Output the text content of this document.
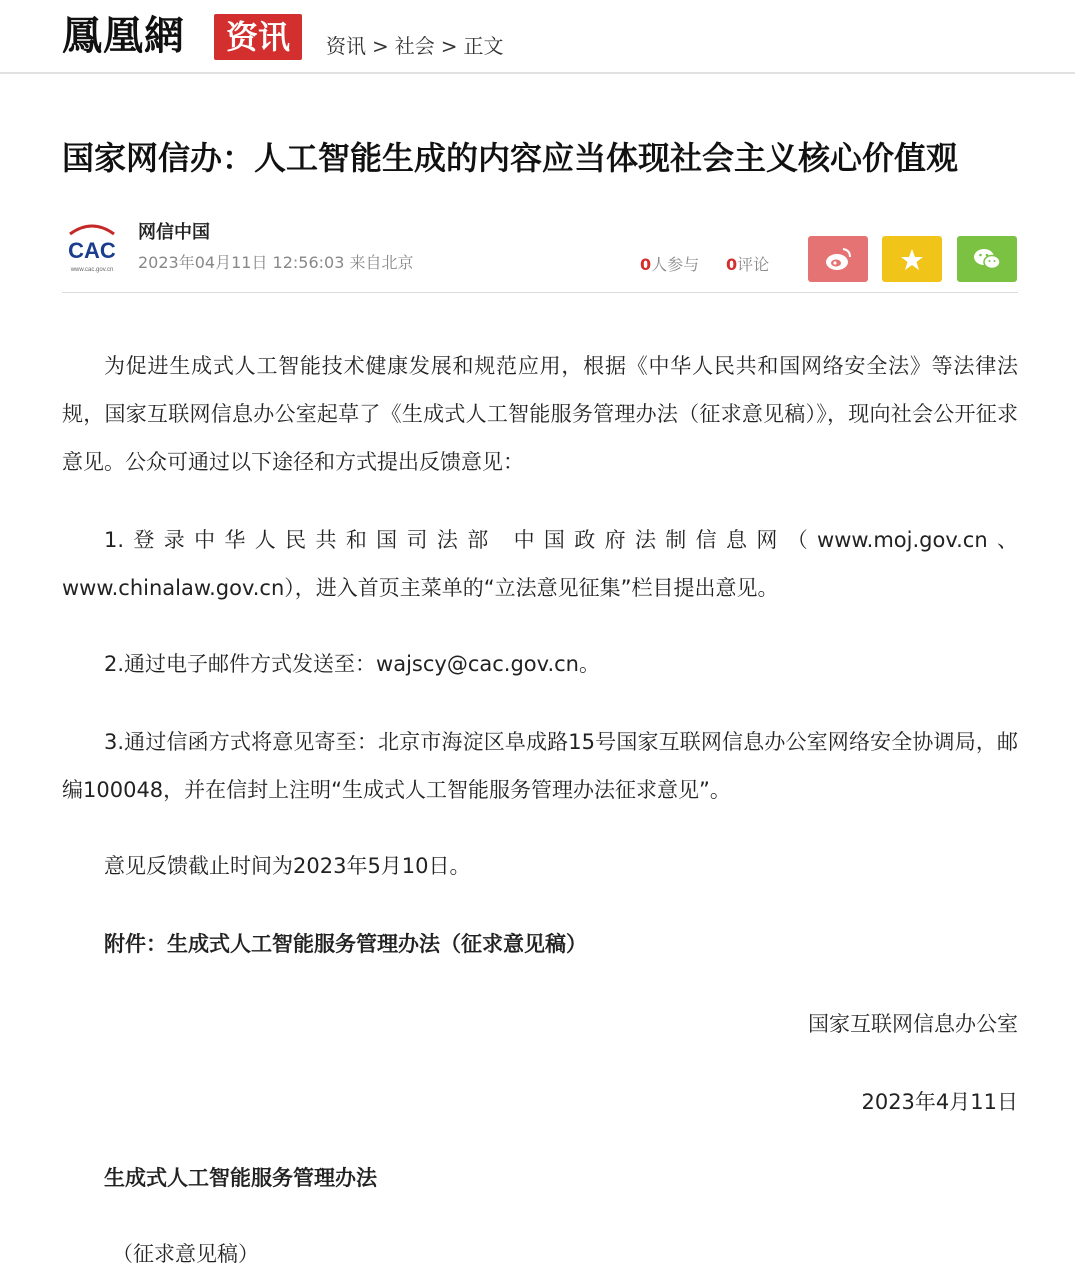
鳳凰網	资讯	资讯 > 社会 > 正文
国家网信办：人工智能生成的内容应当体现社会主义核心价值观
CAC
www.cac.gov.cn
网信中国
2023年04月11日 12:56:03 来自北京	0人参与 0评论
为促进生成式人工智能技术健康发展和规范应用，根据《中华人民共和国网络安全法》等法律法规，国家互联网信息办公室起草了《生成式人工智能服务管理办法（征求意见稿）》，现向社会公开征求意见。公众可通过以下途径和方式提出反馈意见：
1.登录中华人民共和国司法部 中国政府法制信息网（www.moj.gov.cn、www.chinalaw.gov.cn），进入首页主菜单的“立法意见征集”栏目提出意见。
2.通过电子邮件方式发送至：wajscy@cac.gov.cn。
3.通过信函方式将意见寄至：北京市海淀区阜成路15号国家互联网信息办公室网络安全协调局，邮编100048，并在信封上注明“生成式人工智能服务管理办法征求意见”。
意见反馈截止时间为2023年5月10日。
附件：生成式人工智能服务管理办法（征求意见稿）
国家互联网信息办公室
2023年4月11日
生成式人工智能服务管理办法
（征求意见稿）
